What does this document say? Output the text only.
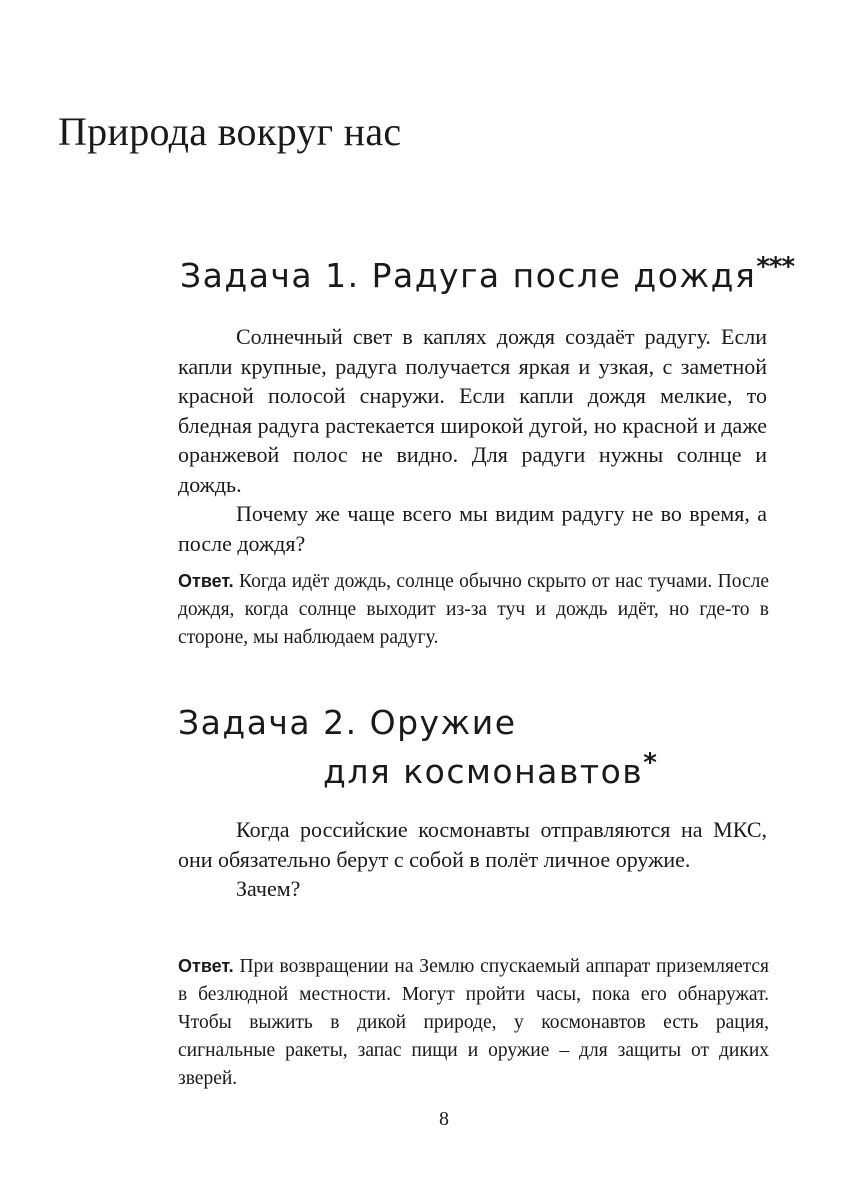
Природа вокруг нас
Задача 1. Радуга после дождя***

Солнечный свет в каплях дождя создаёт радугу. Если капли крупные, радуга получается яркая и узкая, с заметной красной полосой снаружи. Если капли дождя мелкие, то бледная радуга растекается широкой дугой, но красной и даже оранжевой полос не видно. Для радуги нужны солнце и дождь.

Почему же чаще всего мы видим радугу не во время, а после дождя?

Ответ. Когда идёт дождь, солнце обычно скрыто от нас тучами. После дождя, когда солнце выходит из-за туч и дождь идёт, но где-то в стороне, мы наблюдаем радугу.

Задача 2. Оружие
для космонавтов*

Когда российские космонавты отправляются на МКС, они обязательно берут с собой в полёт личное оружие.

Зачем?

Ответ. При возвращении на Землю спускаемый аппарат приземляется в безлюдной местности. Могут пройти часы, пока его обнаружат. Чтобы выжить в дикой природе, у космонавтов есть рация, сигнальные ракеты, запас пищи и оружие – для защиты от диких зверей.

8
